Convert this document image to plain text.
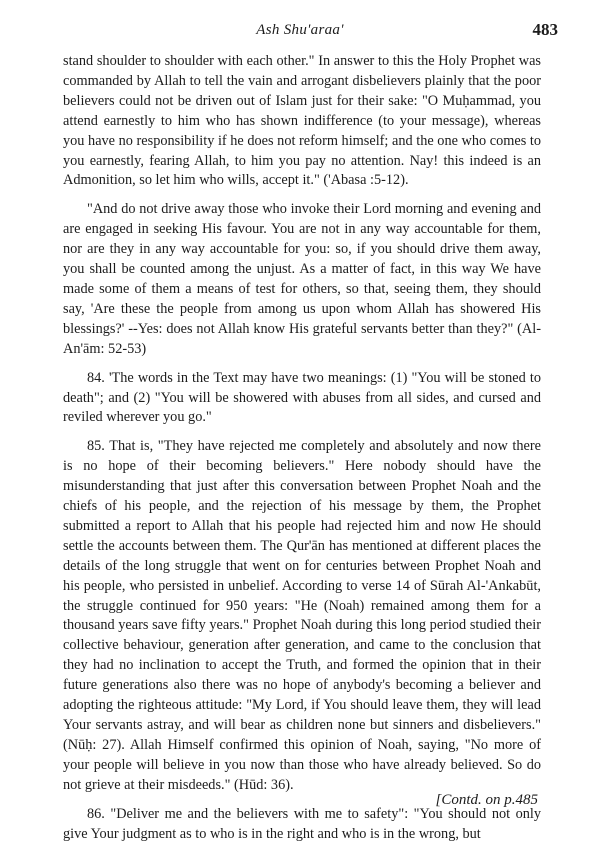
Ash Shu'araa'	483

stand shoulder to shoulder with each other." In answer to this the Holy Prophet was commanded by Allah to tell the vain and arrogant disbelievers plainly that the poor believers could not be driven out of Islam just for their sake: "O Muḥammad, you attend earnestly to him who has shown indifference (to your message), whereas you have no responsibility if he does not reform himself; and the one who comes to you earnestly, fearing Allah, to him you pay no attention. Nay! this indeed is an Admonition, so let him who wills, accept it." ('Abasa :5-12).

"And do not drive away those who invoke their Lord morning and evening and are engaged in seeking His favour. You are not in any way accountable for them, nor are they in any way accountable for you: so, if you should drive them away, you shall be counted among the unjust. As a matter of fact, in this way We have made some of them a means of test for others, so that, seeing them, they should say, 'Are these the people from among us upon whom Allah has showered His blessings?' --Yes: does not Allah know His grateful servants better than they?" (Al-An'ām: 52-53)

84. 'The words in the Text may have two meanings: (1) "You will be stoned to death"; and (2) "You will be showered with abuses from all sides, and cursed and reviled wherever you go."

85. That is, "They have rejected me completely and absolutely and now there is no hope of their becoming believers." Here nobody should have the misunderstanding that just after this conversation between Prophet Noah and the chiefs of his people, and the rejection of his message by them, the Prophet submitted a report to Allah that his people had rejected him and now He should settle the accounts between them. The Qur'ān has mentioned at different places the details of the long struggle that went on for centuries between Prophet Noah and his people, who persisted in unbelief. According to verse 14 of Sūrah Al-'Ankabūt, the struggle continued for 950 years: "He (Noah) remained among them for a thousand years save fifty years." Prophet Noah during this long period studied their collective behaviour, generation after generation, and came to the conclusion that they had no inclination to accept the Truth, and formed the opinion that in their future generations also there was no hope of anybody's becoming a believer and adopting the righteous attitude: "My Lord, if You should leave them, they will lead Your servants astray, and will bear as children none but sinners and disbelievers." (Nūḥ: 27). Allah Himself confirmed this opinion of Noah, saying, "No more of your people will believe in you now than those who have already believed. So do not grieve at their misdeeds." (Hūd: 36).

86. "Deliver me and the believers with me to safety": "You should not only give Your judgment as to who is in the right and who is in the wrong, but

[Contd. on p.485
